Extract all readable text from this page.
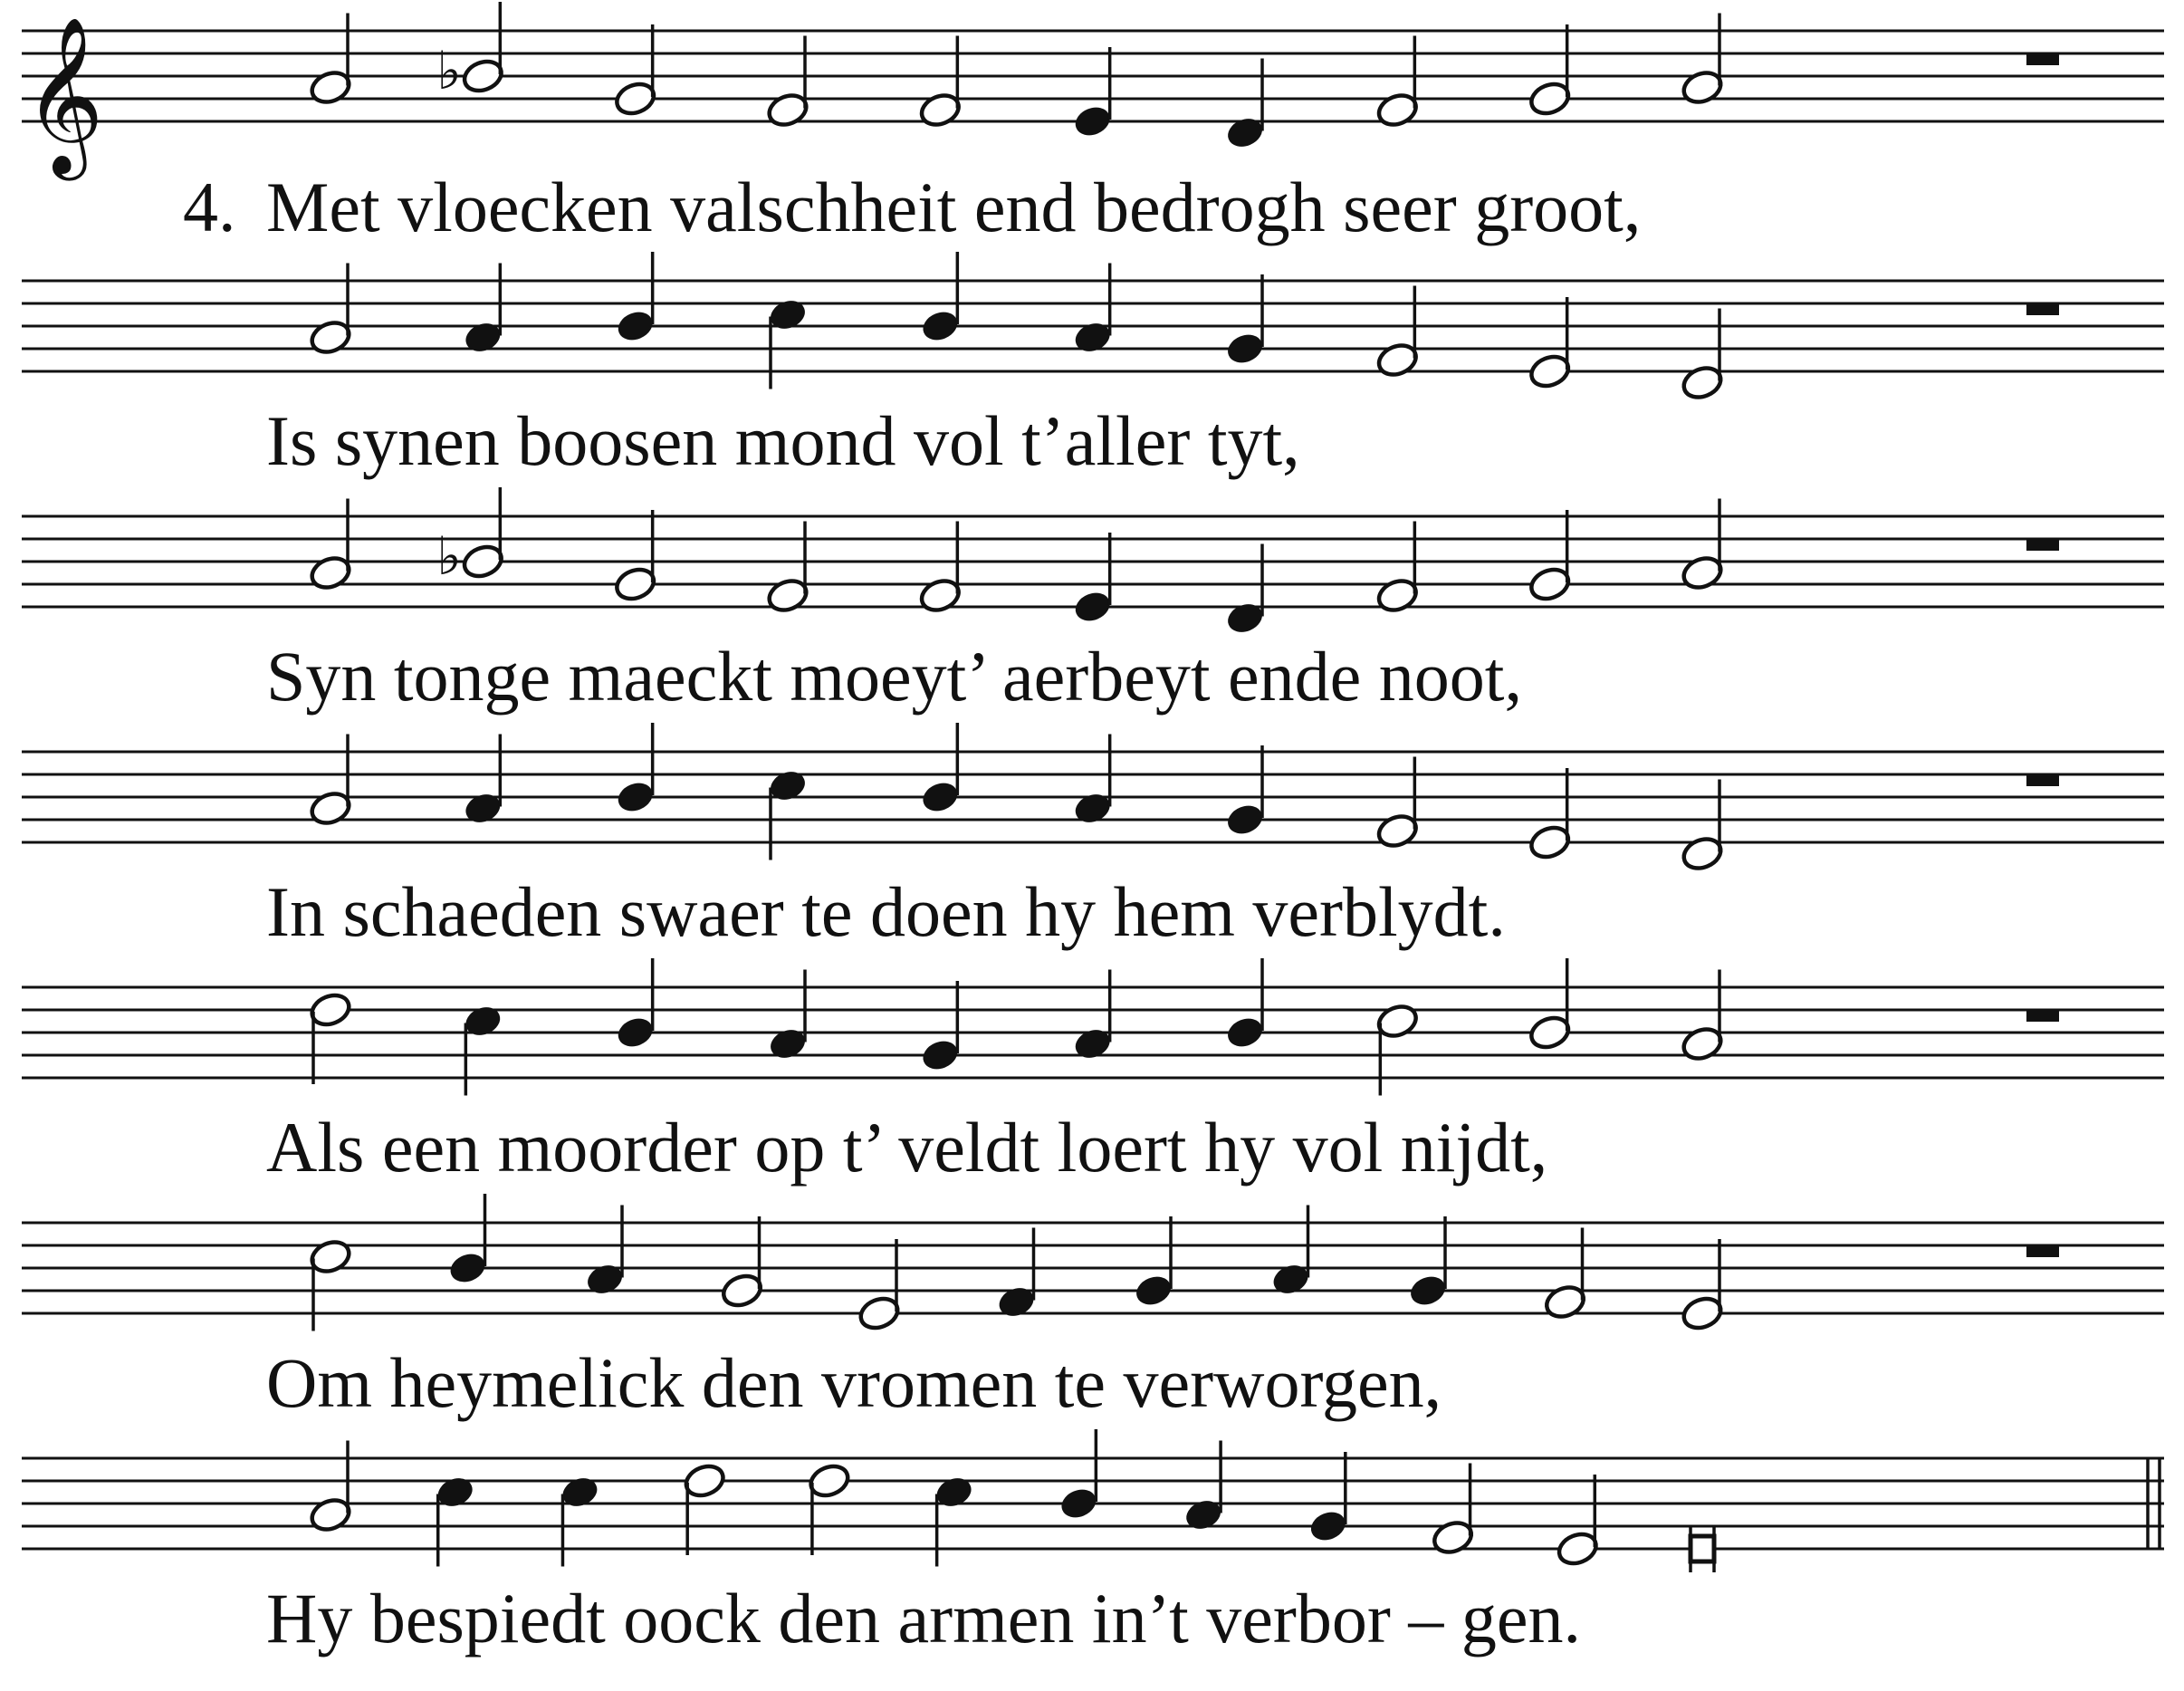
𝄞	♭
♭
4. Met vloecken valschheit end bedrogh seer groot,
Is synen boosen mond vol t’aller tyt,
Syn tonge maeckt moeyt’ aerbeyt ende noot,
In schaeden swaer te doen hy hem verblydt.
Als een moorder op t’ veldt loert hy vol nijdt,
Om heymelick den vromen te verworgen,
Hy bespiedt oock den armen in’t verbor – gen.
